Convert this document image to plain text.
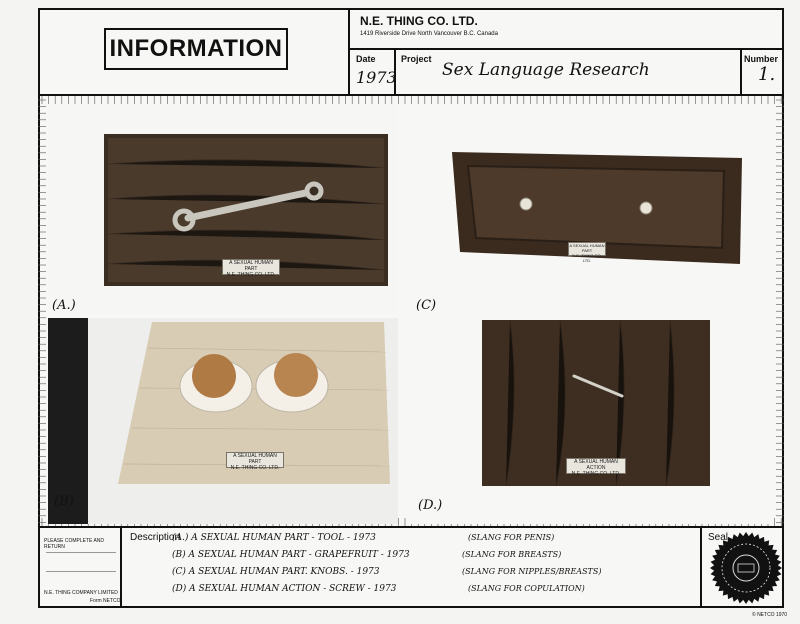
INFORMATION
N.E. THING CO. LTD.
1419 Riverside Drive North Vancouver B.C. Canada
Date
1973
Project
Sex Language Research
Number
1.
A SEXUAL HUMAN PART
N.E. THING CO. LTD.
(A.)
A SEXUAL HUMAN PART
N.E. THING CO. LTD.
(C)
A SEXUAL HUMAN PART
N.E. THING CO. LTD.
(B)
A SEXUAL HUMAN ACTION
N.E. THING CO. LTD.
(D.)
PLEASE COMPLETE AND RETURN
N.E. THING COMPANY LIMITED
Form NETCO
Description
(A.) A SEXUAL HUMAN PART - TOOL - 1973	(SLANG FOR PENIS)
(B) A SEXUAL HUMAN PART - GRAPEFRUIT - 1973	(SLANG FOR BREASTS)
(C) A SEXUAL HUMAN PART. KNOBS. - 1973	(SLANG FOR NIPPLES/BREASTS)
(D) A SEXUAL HUMAN ACTION - SCREW - 1973	(SLANG FOR COPULATION)
Seal
© NETCO 1970
